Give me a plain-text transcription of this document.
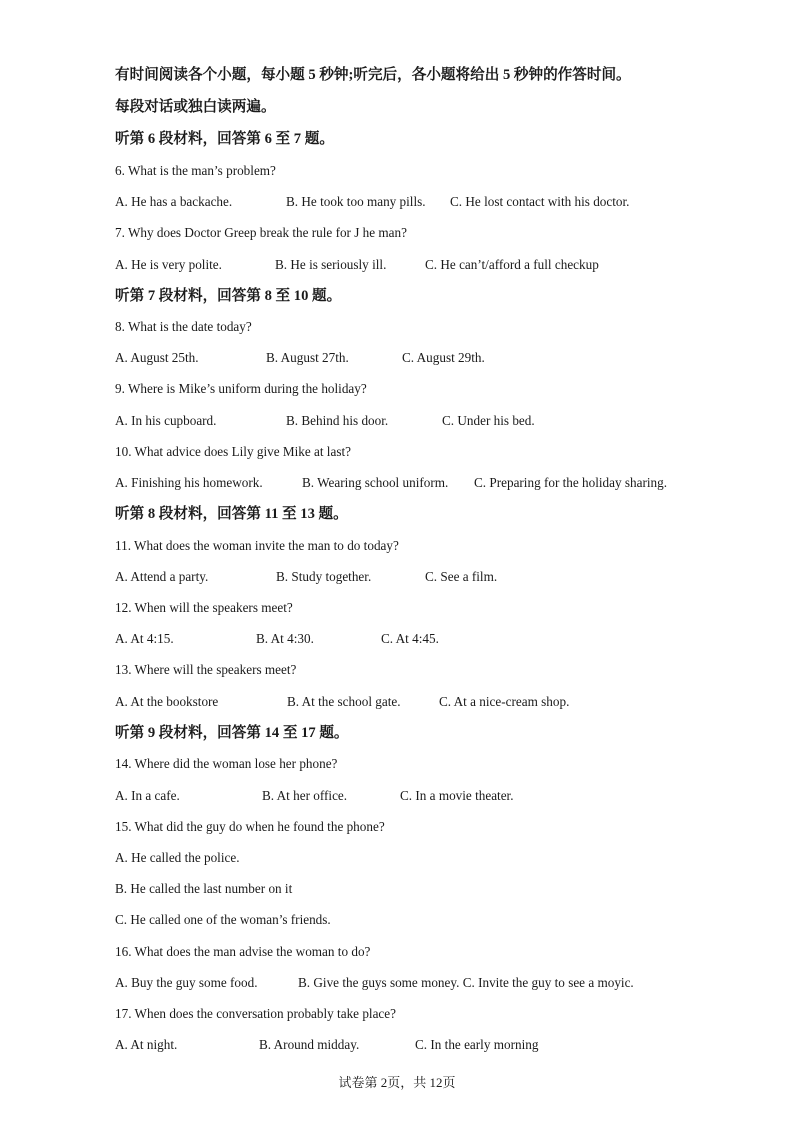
有时间阅读各个小题，每小题 5 秒钟;听完后，各小题将给出 5 秒钟的作答时间。
每段对话或独白读两遍。
听第 6 段材料，回答第 6 至 7 题。
6. What is the man’s problem?
A. He has a backache.	B. He took too many pills. C. He lost contact with his doctor.
7. Why does Doctor Greep break the rule for J he man?
A. He is very polite.	B. He is seriously ill.	C. He can’t/afford a full checkup
听第 7 段材料，回答第 8 至 10 题。
8. What is the date today?
A. August 25th.	B. August 27th.	C. August 29th.
9. Where is Mike’s uniform during the holiday?
A. In his cupboard.	B. Behind his door.	C. Under his bed.
10. What advice does Lily give Mike at last?
A. Finishing his homework.	B. Wearing school uniform. C. Preparing for the holiday sharing.
听第 8 段材料，回答第 11 至 13 题。
11. What does the woman invite the man to do today?
A. Attend a party.	B. Study together.	C. See a film.
12. When will the speakers meet?
A. At 4:15.	B. At 4:30.	C. At 4:45.
13. Where will the speakers meet?
A. At the bookstore	B. At the school gate.	C. At a nice-cream shop.
听第 9 段材料，回答第 14 至 17 题。
14. Where did the woman lose her phone?
A. In a cafe.	B. At her office.	C. In a movie theater.
15. What did the guy do when he found the phone?
A. He called the police.
B. He called the last number on it
C. He called one of the woman’s friends.
16. What does the man advise the woman to do?
A. Buy the guy some food.	B. Give the guys some money. C. Invite the guy to see a moyic.
17. When does the conversation probably take place?
A. At night.	B. Around midday.	C. In the early morning
试卷第 2页，共 12页
